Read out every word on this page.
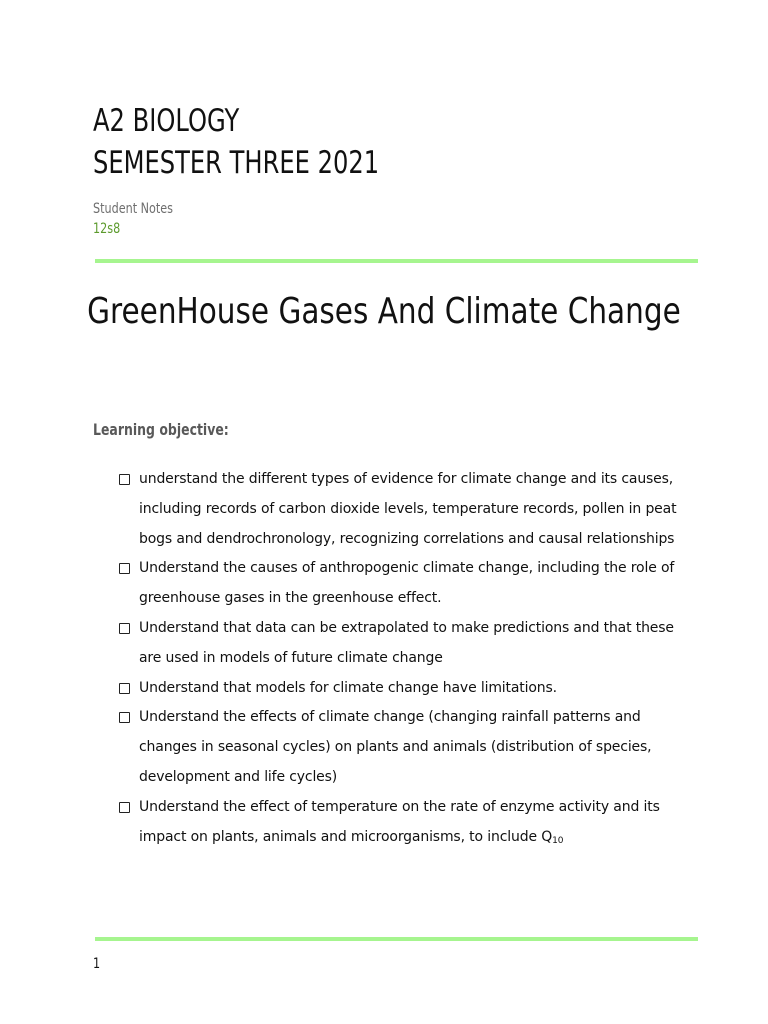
A2 BIOLOGY
SEMESTER THREE 2021
Student Notes
12s8
GreenHouse Gases And Climate Change
Learning objective:
understand the different types of evidence for climate change and its causes, including records of carbon dioxide levels, temperature records, pollen in peat bogs and dendrochronology, recognizing correlations and causal relationships
Understand the causes of anthropogenic climate change, including the role of greenhouse gases in the greenhouse effect.
Understand that data can be extrapolated to make predictions and that these are used in models of future climate change
Understand that models for climate change have limitations.
Understand the effects of climate change (changing rainfall patterns and changes in seasonal cycles) on plants and animals (distribution of species, development and life cycles)
Understand the effect of temperature on the rate of enzyme activity and its impact on plants, animals and microorganisms, to include $Q_{10}$
1
